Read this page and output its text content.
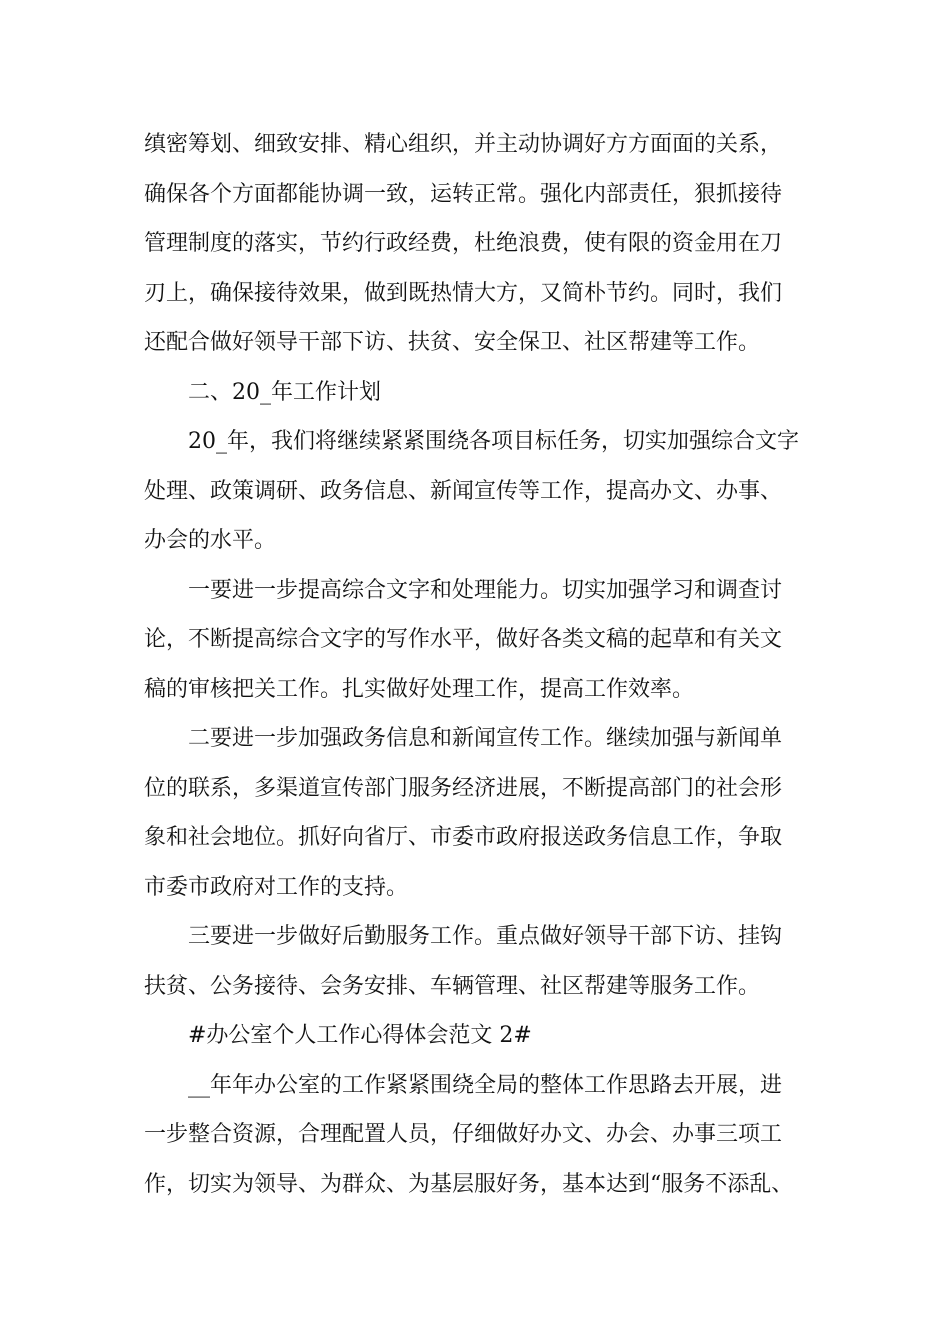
缜密筹划、细致安排、精心组织，并主动协调好方方面面的关系，
确保各个方面都能协调一致，运转正常。强化内部责任，狠抓接待
管理制度的落实，节约行政经费，杜绝浪费，使有限的资金用在刀
刃上，确保接待效果，做到既热情大方，又简朴节约。同时，我们
还配合做好领导干部下访、扶贫、安全保卫、社区帮建等工作。
二、20_年工作计划
20_年，我们将继续紧紧围绕各项目标任务，切实加强综合文字
处理、政策调研、政务信息、新闻宣传等工作，提高办文、办事、
办会的水平。
一要进一步提高综合文字和处理能力。切实加强学习和调查讨
论，不断提高综合文字的写作水平，做好各类文稿的起草和有关文
稿的审核把关工作。扎实做好处理工作，提高工作效率。
二要进一步加强政务信息和新闻宣传工作。继续加强与新闻单
位的联系，多渠道宣传部门服务经济进展，不断提高部门的社会形
象和社会地位。抓好向省厅、市委市政府报送政务信息工作，争取
市委市政府对工作的支持。
三要进一步做好后勤服务工作。重点做好领导干部下访、挂钩
扶贫、公务接待、会务安排、车辆管理、社区帮建等服务工作。
#办公室个人工作心得体会范文 2#
__年年办公室的工作紧紧围绕全局的整体工作思路去开展，进
一步整合资源，合理配置人员，仔细做好办文、办会、办事三项工
作，切实为领导、为群众、为基层服好务，基本达到“服务不添乱、
